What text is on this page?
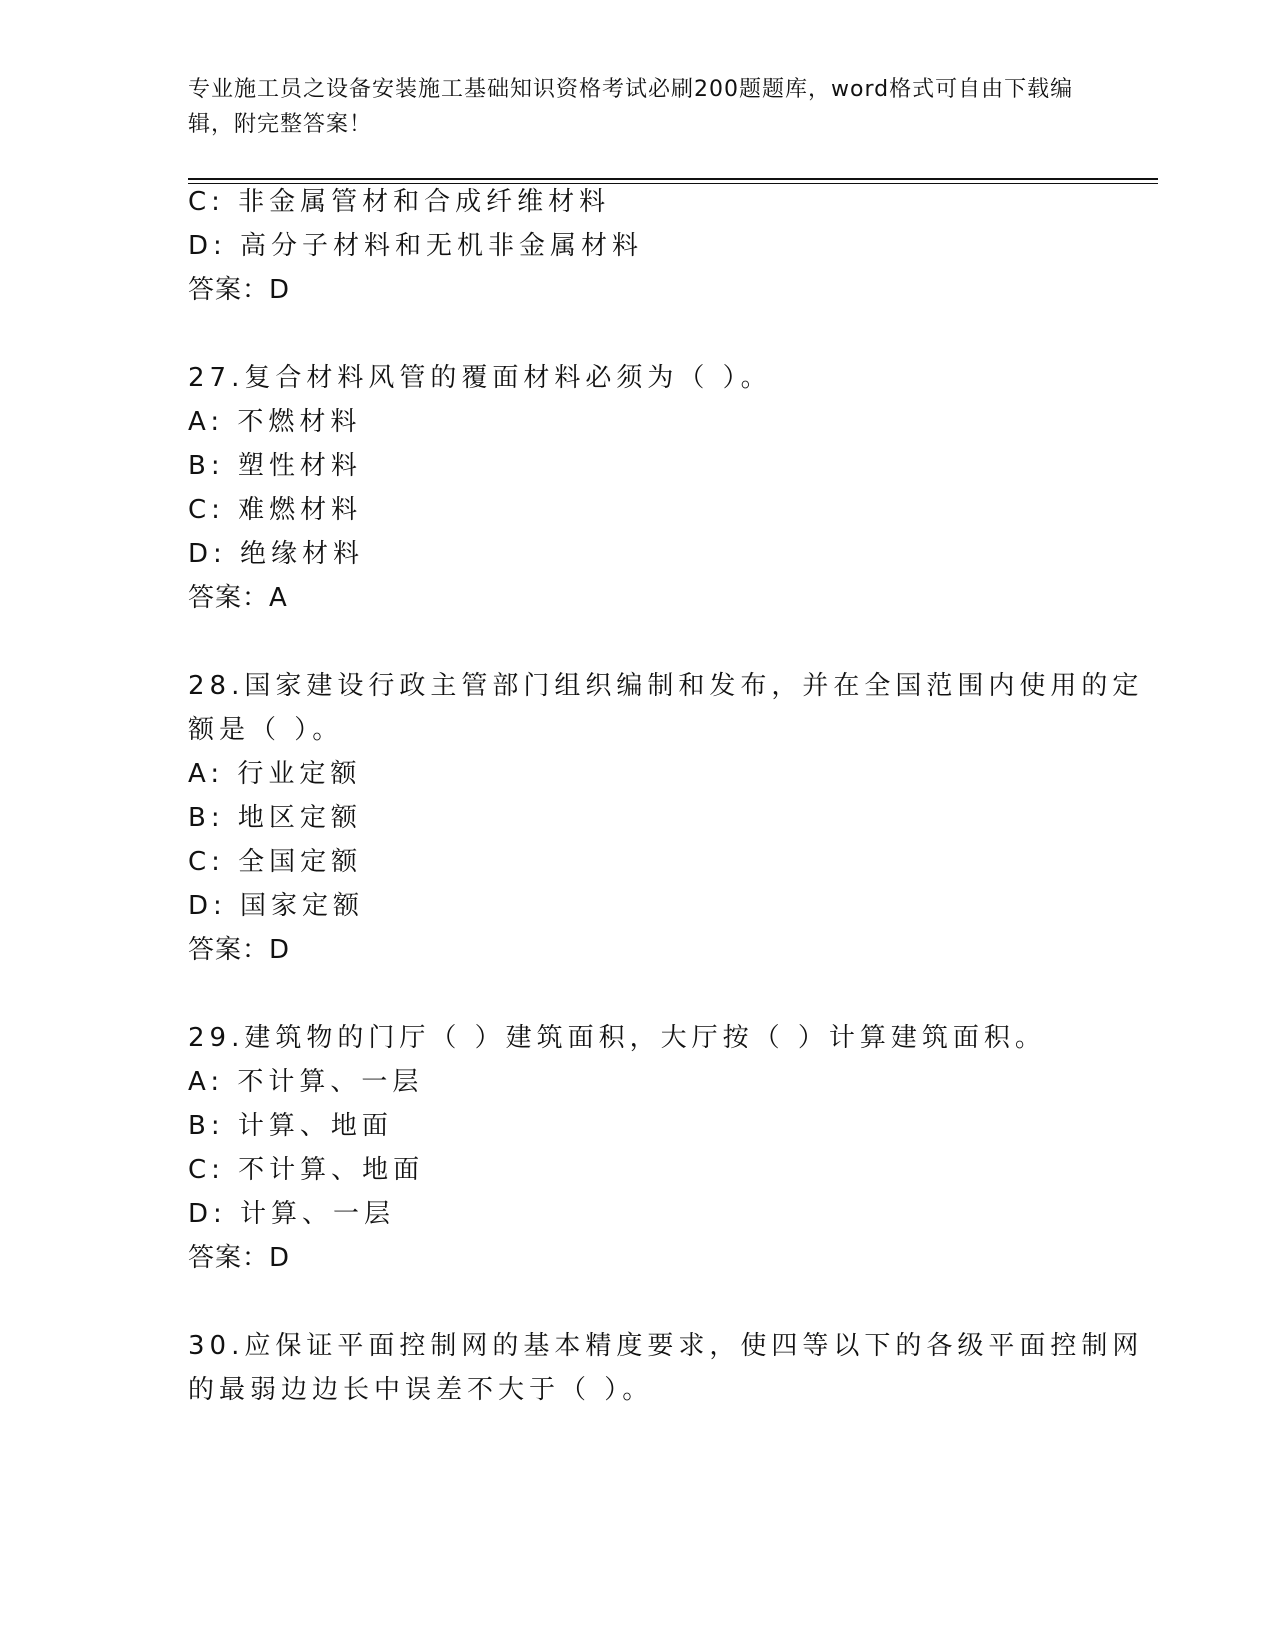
专业施工员之设备安装施工基础知识资格考试必刷200题题库，word格式可自由下载编辑，附完整答案！
C: 非金属管材和合成纤维材料
D: 高分子材料和无机非金属材料
答案：D
27.复合材料风管的覆面材料必须为（ ）。
A: 不燃材料
B: 塑性材料
C: 难燃材料
D: 绝缘材料
答案：A
28.国家建设行政主管部门组织编制和发布，并在全国范围内使用的定
额是（ ）。
A: 行业定额
B: 地区定额
C: 全国定额
D: 国家定额
答案：D
29.建筑物的门厅（ ）建筑面积，大厅按（ ）计算建筑面积。
A: 不计算、一层
B: 计算、地面
C: 不计算、地面
D: 计算、一层
答案：D
30.应保证平面控制网的基本精度要求，使四等以下的各级平面控制网
的最弱边边长中误差不大于（ ）。
